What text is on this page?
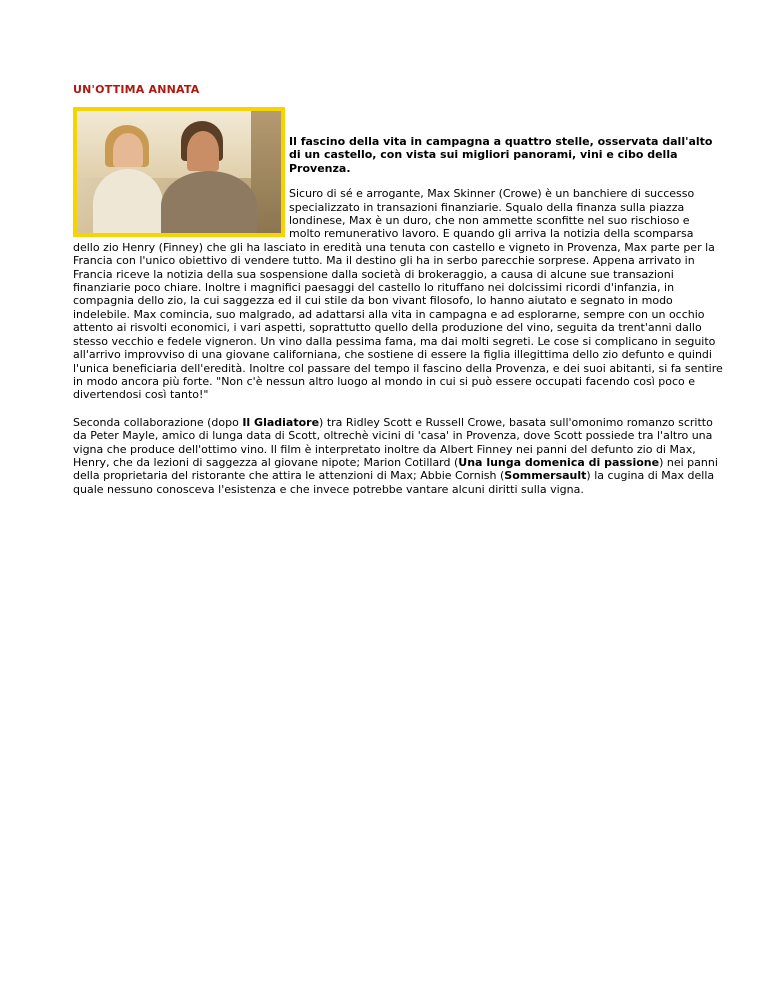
UN'OTTIMA ANNATA

Il fascino della vita in campagna a quattro stelle, osservata dall'alto di un castello, con vista sui migliori panorami, vini e cibo della Provenza.

Sicuro di sé e arrogante, Max Skinner (Crowe) è un banchiere di successo specializzato in transazioni finanziarie. Squalo della finanza sulla piazza londinese, Max è un duro, che non ammette sconfitte nel suo rischioso e molto remunerativo lavoro. E quando gli arriva la notizia della scomparsa dello zio Henry (Finney) che gli ha lasciato in eredità una tenuta con castello e vigneto in Provenza, Max parte per la Francia con l'unico obiettivo di vendere tutto. Ma il destino gli ha in serbo parecchie sorprese. Appena arrivato in Francia riceve la notizia della sua sospensione dalla società di brokeraggio, a causa di alcune sue transazioni finanziarie poco chiare. Inoltre i magnifici paesaggi del castello lo rituffano nei dolcissimi ricordi d'infanzia, in compagnia dello zio, la cui saggezza ed il cui stile da bon vivant filosofo, lo hanno aiutato e segnato in modo indelebile. Max comincia, suo malgrado, ad adattarsi alla vita in campagna e ad esplorarne, sempre con un occhio attento ai risvolti economici, i vari aspetti, soprattutto quello della produzione del vino, seguita da trent'anni dallo stesso vecchio e fedele vigneron. Un vino dalla pessima fama, ma dai molti segreti. Le cose si complicano in seguito all'arrivo improvviso di una giovane californiana, che sostiene di essere la figlia illegittima dello zio defunto e quindi l'unica beneficiaria dell'eredità. Inoltre col passare del tempo il fascino della Provenza, e dei suoi abitanti, si fa sentire in modo ancora più forte. "Non c'è nessun altro luogo al mondo in cui si può essere occupati facendo così poco e divertendosi così tanto!"

Seconda collaborazione (dopo Il Gladiatore) tra Ridley Scott e Russell Crowe, basata sull'omonimo romanzo scritto da Peter Mayle, amico di lunga data di Scott, oltrechè vicini di 'casa' in Provenza, dove Scott possiede tra l'altro una vigna che produce dell'ottimo vino. Il film è interpretato inoltre da Albert Finney nei panni del defunto zio di Max, Henry, che da lezioni di saggezza al giovane nipote; Marion Cotillard (Una lunga domenica di passione) nei panni della proprietaria del ristorante che attira le attenzioni di Max; Abbie Cornish (Sommersault) la cugina di Max della quale nessuno conosceva l'esistenza e che invece potrebbe vantare alcuni diritti sulla vigna.
